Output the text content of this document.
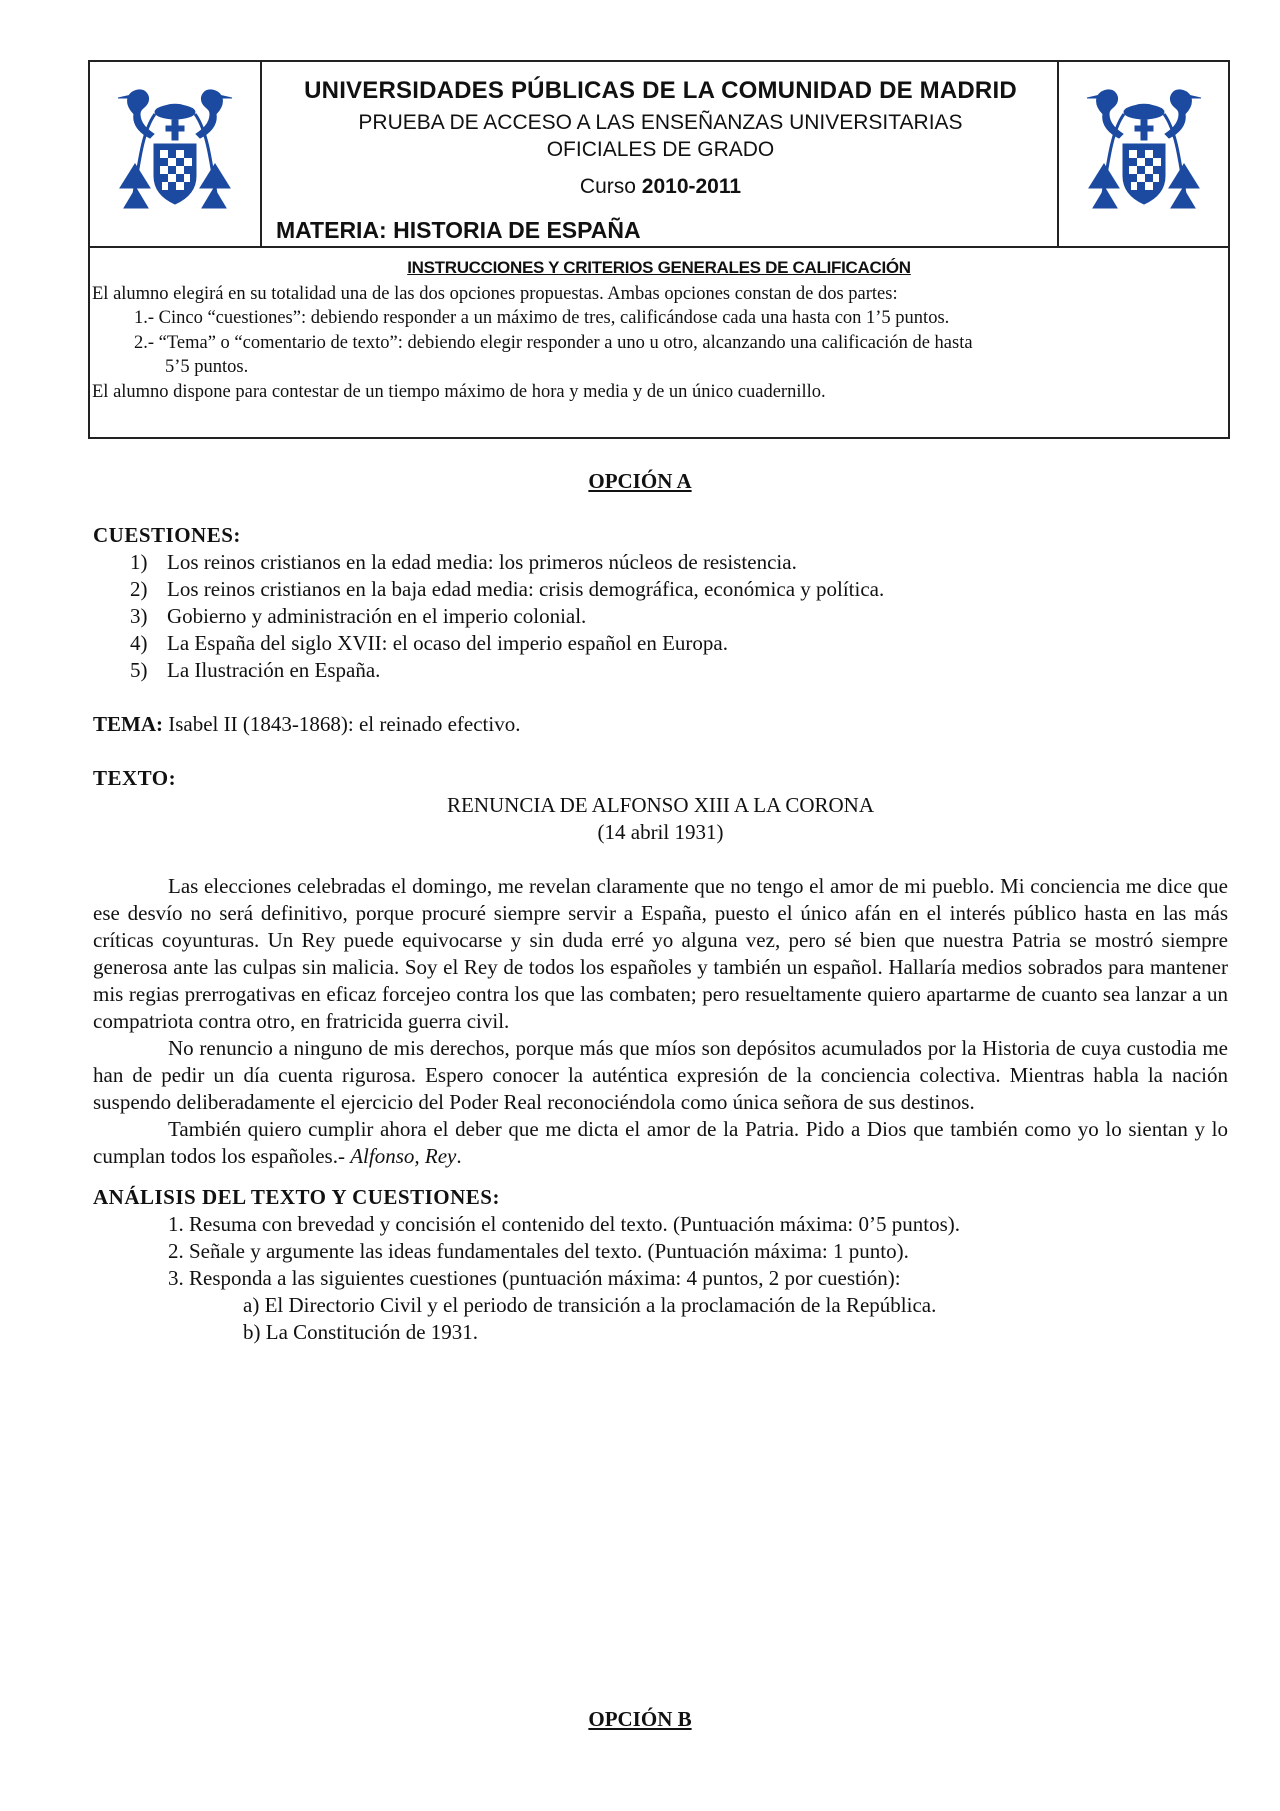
UNIVERSIDADES PÚBLICAS DE LA COMUNIDAD DE MADRID
PRUEBA DE ACCESO A LAS ENSEÑANZAS UNIVERSITARIAS
OFICIALES DE GRADO
Curso 2010-2011
MATERIA: HISTORIA DE ESPAÑA
INSTRUCCIONES Y CRITERIOS GENERALES DE CALIFICACIÓN

El alumno elegirá en su totalidad una de las dos opciones propuestas. Ambas opciones constan de dos partes:

1.- Cinco “cuestiones”: debiendo responder a un máximo de tres, calificándose cada una hasta con 1’5 puntos.

2.- “Tema” o “comentario de texto”: debiendo elegir responder a uno u otro, alcanzando una calificación de hasta

5’5 puntos.

El alumno dispone para contestar de un tiempo máximo de hora y media y de un único cuadernillo.

OPCIÓN A
CUESTIONES:
1) Los reinos cristianos en la edad media: los primeros núcleos de resistencia.
2) Los reinos cristianos en la baja edad media: crisis demográfica, económica y política.
3) Gobierno y administración en el imperio colonial.
4) La España del siglo XVII: el ocaso del imperio español en Europa.
5) La Ilustración en España.
TEMA: Isabel II (1843-1868): el reinado efectivo.
TEXTO:
RENUNCIA DE ALFONSO XIII A LA CORONA
(14 abril 1931)

Las elecciones celebradas el domingo, me revelan claramente que no tengo el amor de mi pueblo. Mi conciencia me dice que ese desvío no será definitivo, porque procuré siempre servir a España, puesto el único afán en el interés público hasta en las más críticas coyunturas. Un Rey puede equivocarse y sin duda erré yo alguna vez, pero sé bien que nuestra Patria se mostró siempre generosa ante las culpas sin malicia. Soy el Rey de todos los españoles y también un español. Hallaría medios sobrados para mantener mis regias prerrogativas en eficaz forcejeo contra los que las combaten; pero resueltamente quiero apartarme de cuanto sea lanzar a un compatriota contra otro, en fratricida guerra civil.

No renuncio a ninguno de mis derechos, porque más que míos son depósitos acumulados por la Historia de cuya custodia me han de pedir un día cuenta rigurosa. Espero conocer la auténtica expresión de la conciencia colectiva. Mientras habla la nación suspendo deliberadamente el ejercicio del Poder Real reconociéndola como única señora de sus destinos.

También quiero cumplir ahora el deber que me dicta el amor de la Patria. Pido a Dios que también como yo lo sientan y lo cumplan todos los españoles.- Alfonso, Rey.

ANÁLISIS DEL TEXTO Y CUESTIONES:
1. Resuma con brevedad y concisión el contenido del texto. (Puntuación máxima: 0’5 puntos).
2. Señale y argumente las ideas fundamentales del texto. (Puntuación máxima: 1 punto).
3. Responda a las siguientes cuestiones (puntuación máxima: 4 puntos, 2 por cuestión):
a) El Directorio Civil y el periodo de transición a la proclamación de la República.
b) La Constitución de 1931.
OPCIÓN B
